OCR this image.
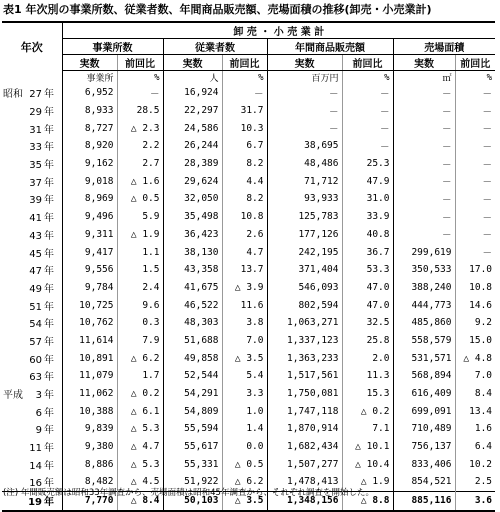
表1 年次別の事業所数、従業者数、年間商品販売額、売場面積の推移(卸売・小売業計)
年次	卸 売 ・ 小 売 業 計							
	事業所数		従業者数		年間商品販売額		売場面積	
	実数	前回比	実数	前回比	実数	前回比	実数	前回比
	事業所	%	人	%	百万円	%	㎡	%
昭和 27 年	6,952	－	16,924	－	－	－	－	－
29 年	8,933	28.5	22,297	31.7	－	－	－	－
31 年	8,727	△ 2.3	24,586	10.3	－	－	－	－
33 年	8,920	2.2	26,244	6.7	38,695	－	－	－
35 年	9,162	2.7	28,389	8.2	48,486	25.3	－	－
37 年	9,018	△ 1.6	29,624	4.4	71,712	47.9	－	－
39 年	8,969	△ 0.5	32,050	8.2	93,933	31.0	－	－
41 年	9,496	5.9	35,498	10.8	125,783	33.9	－	－
43 年	9,311	△ 1.9	36,423	2.6	177,126	40.8	－	－
45 年	9,417	1.1	38,130	4.7	242,195	36.7	299,619	－
47 年	9,556	1.5	43,358	13.7	371,404	53.3	350,533	17.0
49 年	9,784	2.4	41,675	△ 3.9	546,093	47.0	388,240	10.8
51 年	10,725	9.6	46,522	11.6	802,594	47.0	444,773	14.6
54 年	10,762	0.3	48,303	3.8	1,063,271	32.5	485,860	9.2
57 年	11,614	7.9	51,688	7.0	1,337,123	25.8	558,579	15.0
60 年	10,891	△ 6.2	49,858	△ 3.5	1,363,233	2.0	531,571	△ 4.8
63 年	11,079	1.7	52,544	5.4	1,517,561	11.3	568,894	7.0
平成 3 年	11,062	△ 0.2	54,291	3.3	1,750,081	15.3	616,409	8.4
6 年	10,388	△ 6.1	54,809	1.0	1,747,118	△ 0.2	699,091	13.4
9 年	9,839	△ 5.3	55,594	1.4	1,870,914	7.1	710,489	1.6
11 年	9,380	△ 4.7	55,617	0.0	1,682,434	△ 10.1	756,137	6.4
14 年	8,886	△ 5.3	55,331	△ 0.5	1,507,277	△ 10.4	833,406	10.2
16 年	8,482	△ 4.5	51,922	△ 6.2	1,478,413	△ 1.9	854,521	2.5
19 年	7,770	△ 8.4	50,103	△ 3.5	1,348,156	△ 8.8	885,116	3.6
(注) 年間販売額は昭和33年調査から、売場面積は昭和45年調査から、それぞれ調査を開始した。
